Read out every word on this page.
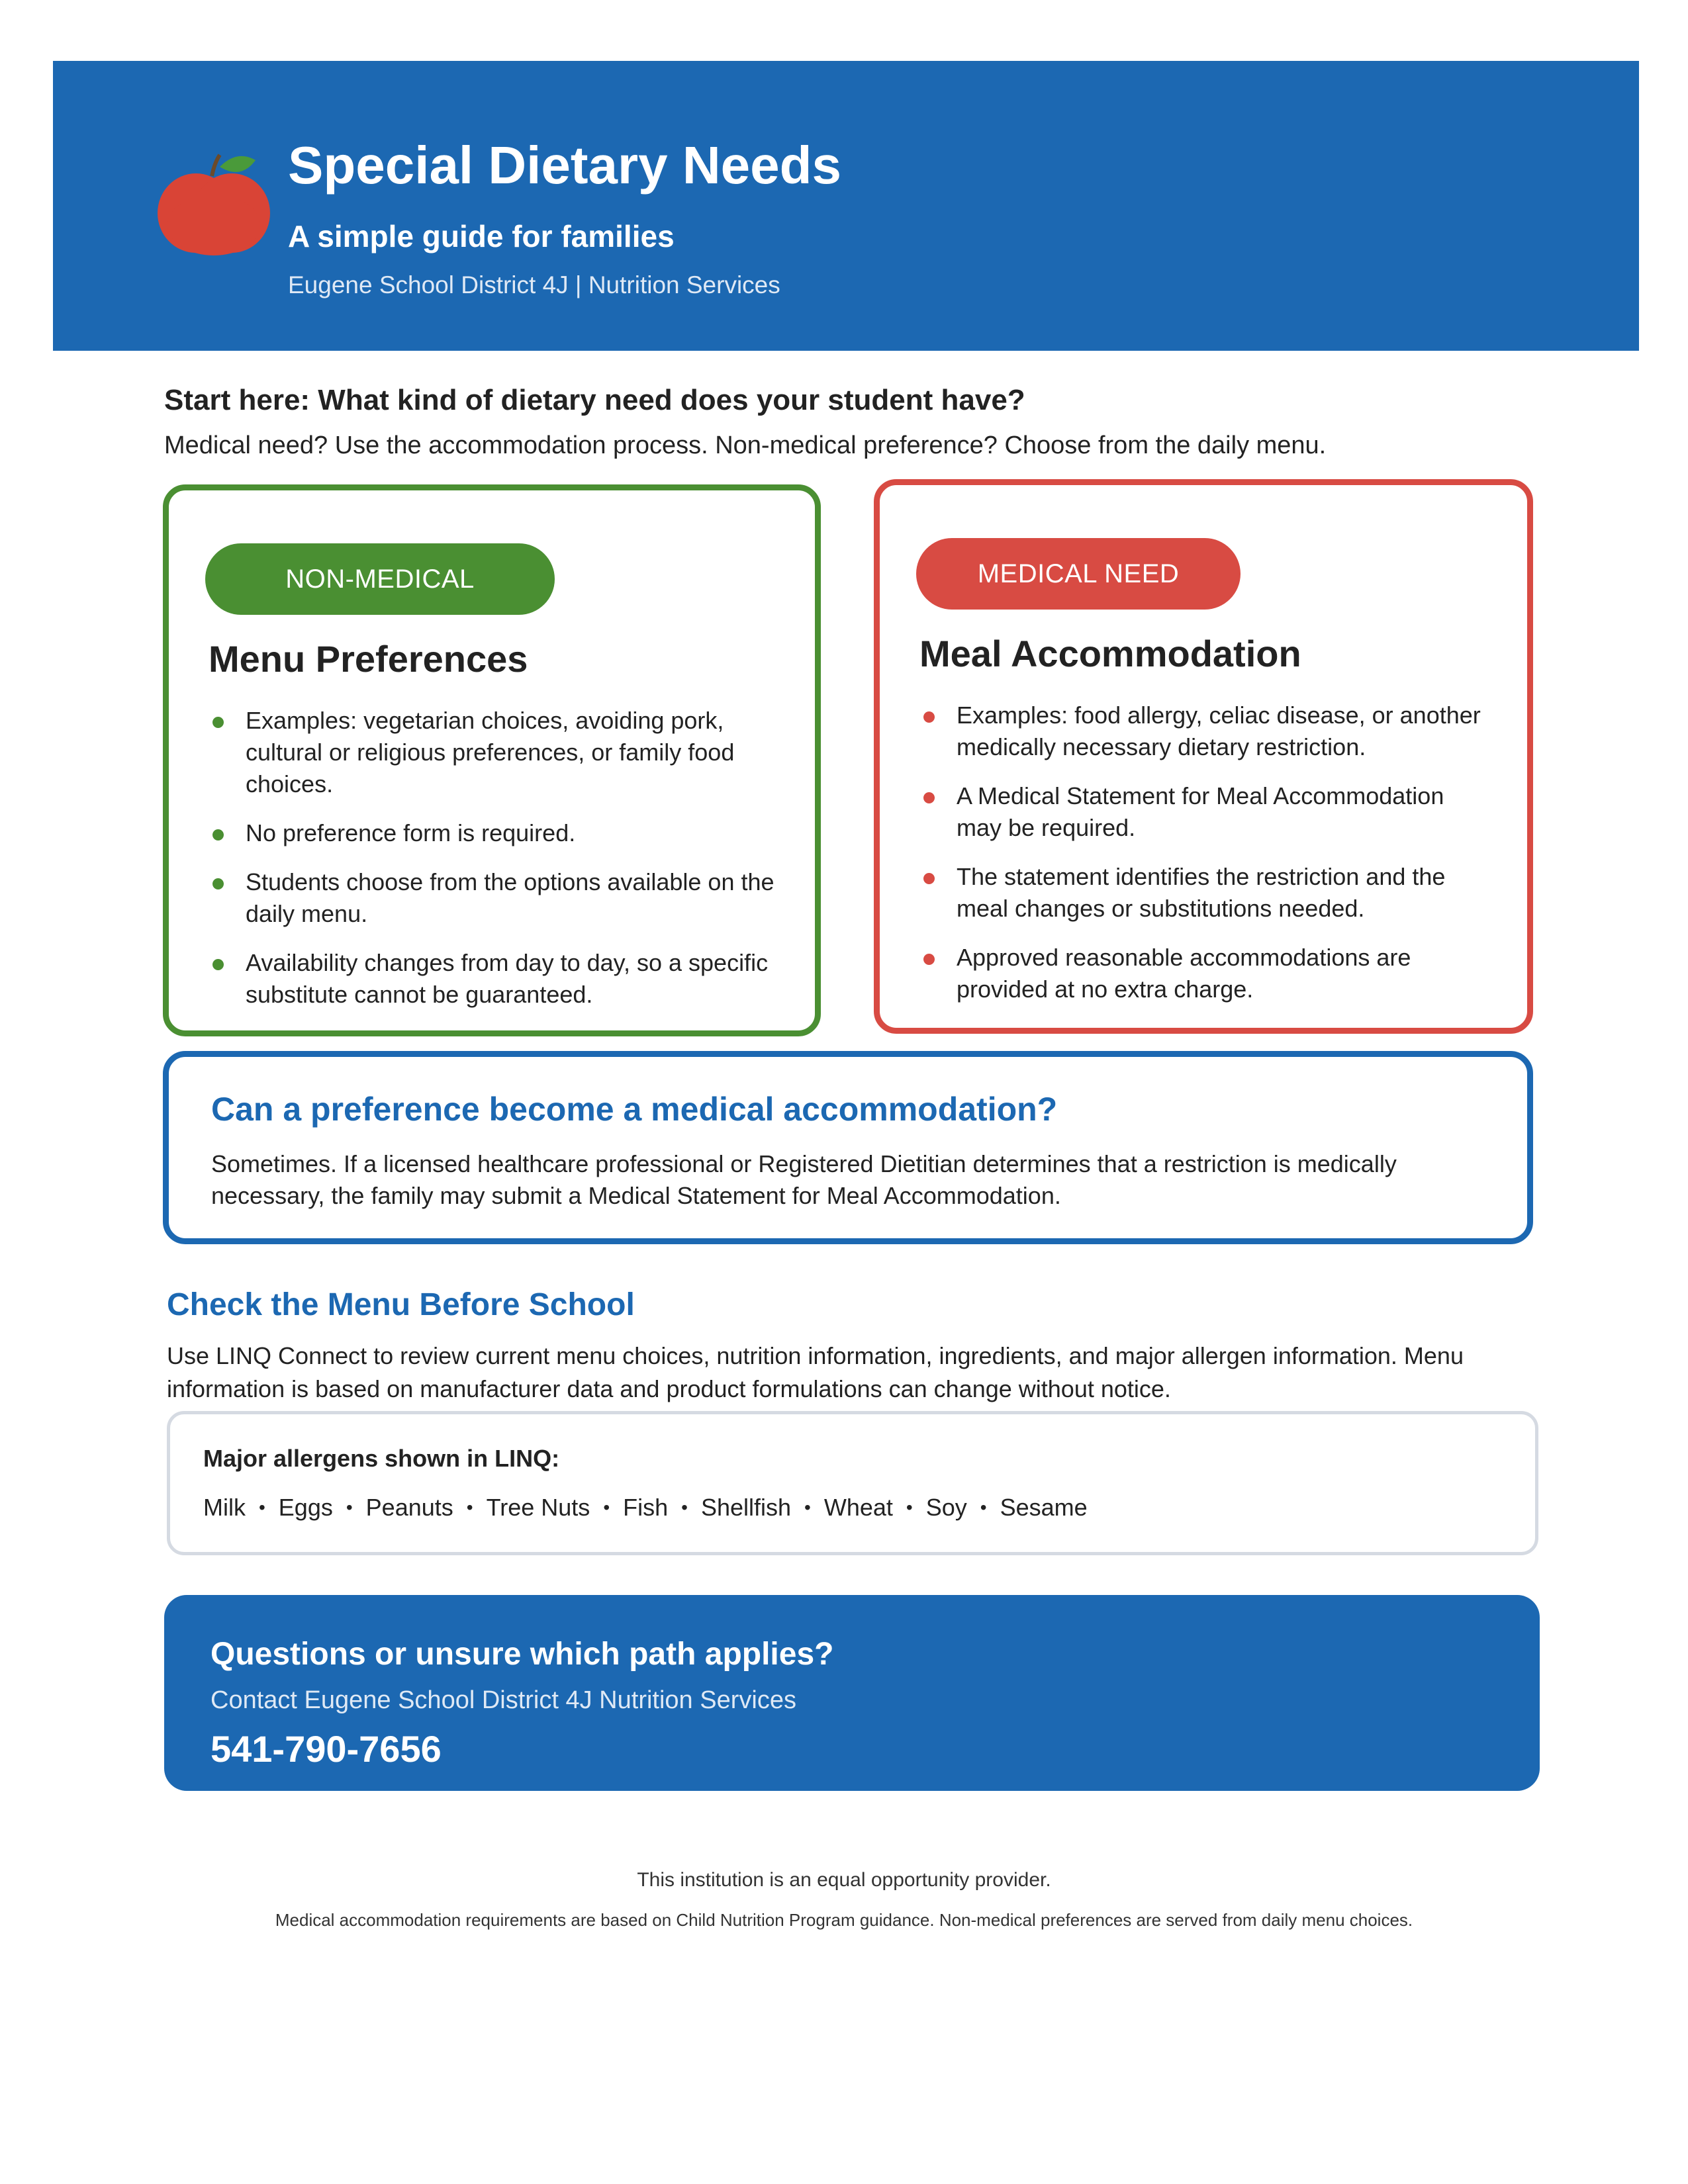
Special Dietary Needs
A simple guide for families
Eugene School District 4J | Nutrition Services
Start here: What kind of dietary need does your student have?
Medical need? Use the accommodation process. Non-medical preference? Choose from the daily menu.
NON-MEDICAL
Menu Preferences
Examples: vegetarian choices, avoiding pork, cultural or religious preferences, or family food choices.
No preference form is required.
Students choose from the options available on the daily menu.
Availability changes from day to day, so a specific substitute cannot be guaranteed.
MEDICAL NEED
Meal Accommodation
Examples: food allergy, celiac disease, or another medically necessary dietary restriction.
A Medical Statement for Meal Accommodation may be required.
The statement identifies the restriction and the meal changes or substitutions needed.
Approved reasonable accommodations are provided at no extra charge.
Can a preference become a medical accommodation?
Sometimes. If a licensed healthcare professional or Registered Dietitian determines that a restriction is medically necessary, the family may submit a Medical Statement for Meal Accommodation.
Check the Menu Before School
Use LINQ Connect to review current menu choices, nutrition information, ingredients, and major allergen information. Menu information is based on manufacturer data and product formulations can change without notice.
Major allergens shown in LINQ:
Milk • Eggs • Peanuts • Tree Nuts • Fish • Shellfish • Wheat • Soy • Sesame
Questions or unsure which path applies?
Contact Eugene School District 4J Nutrition Services
541-790-7656
This institution is an equal opportunity provider.
Medical accommodation requirements are based on Child Nutrition Program guidance. Non-medical preferences are served from daily menu choices.
